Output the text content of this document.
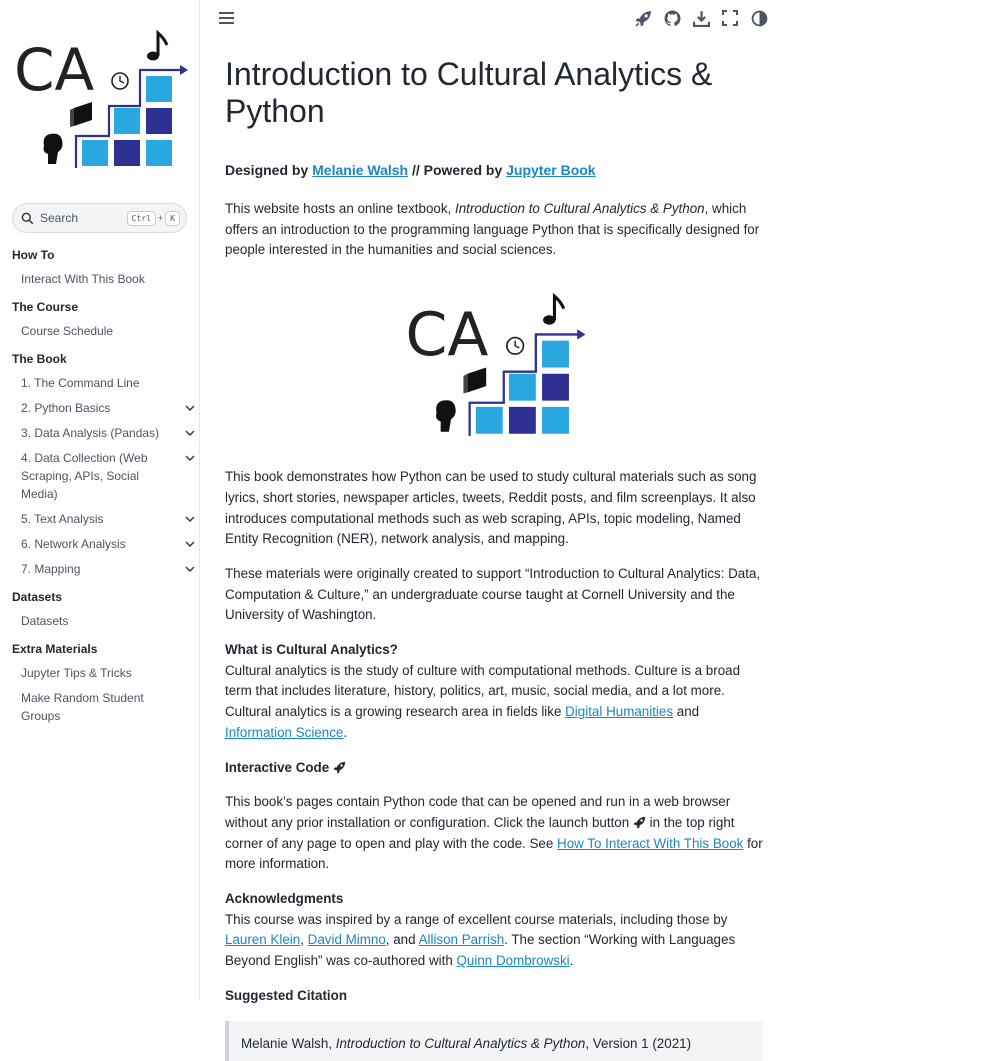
CA
Search	Ctrl + K
How To
Interact With This Book
The Course
Course Schedule
The Book
1. The Command Line
2. Python Basics
3. Data Analysis (Pandas)
4. Data Collection (Web Scraping, APIs, Social Media)
5. Text Analysis
6. Network Analysis
7. Mapping
Datasets
Datasets
Extra Materials
Jupyter Tips & Tricks
Make Random Student Groups
Introduction to Cultural Analytics & Python
Designed by Melanie Walsh // Powered by Jupyter Book

This website hosts an online textbook, Introduction to Cultural Analytics & Python, which offers an introduction to the programming language Python that is specifically designed for people interested in the humanities and social sciences.

CA

This book demonstrates how Python can be used to study cultural materials such as song lyrics, short stories, newspaper articles, tweets, Reddit posts, and film screenplays. It also introduces computational methods such as web scraping, APIs, topic modeling, Named Entity Recognition (NER), network analysis, and mapping.

These materials were originally created to support “Introduction to Cultural Analytics: Data, Computation & Culture,” an undergraduate course taught at Cornell University and the University of Washington.

What is Cultural Analytics?

Cultural analytics is the study of culture with computational methods. Culture is a broad term that includes literature, history, politics, art, music, social media, and a lot more. Cultural analytics is a growing research area in fields like Digital Humanities and Information Science.

Interactive Code

This book’s pages contain Python code that can be opened and run in a web browser without any prior installation or configuration. Click the launch button  in the top right corner of any page to open and play with the code. See How To Interact With This Book for more information.

Acknowledgments

This course was inspired by a range of excellent course materials, including those by Lauren Klein, David Mimno, and Allison Parrish. The section “Working with Languages Beyond English” was co-authored with Quinn Dombrowski.

Suggested Citation
Melanie Walsh, Introduction to Cultural Analytics & Python, Version 1 (2021)
